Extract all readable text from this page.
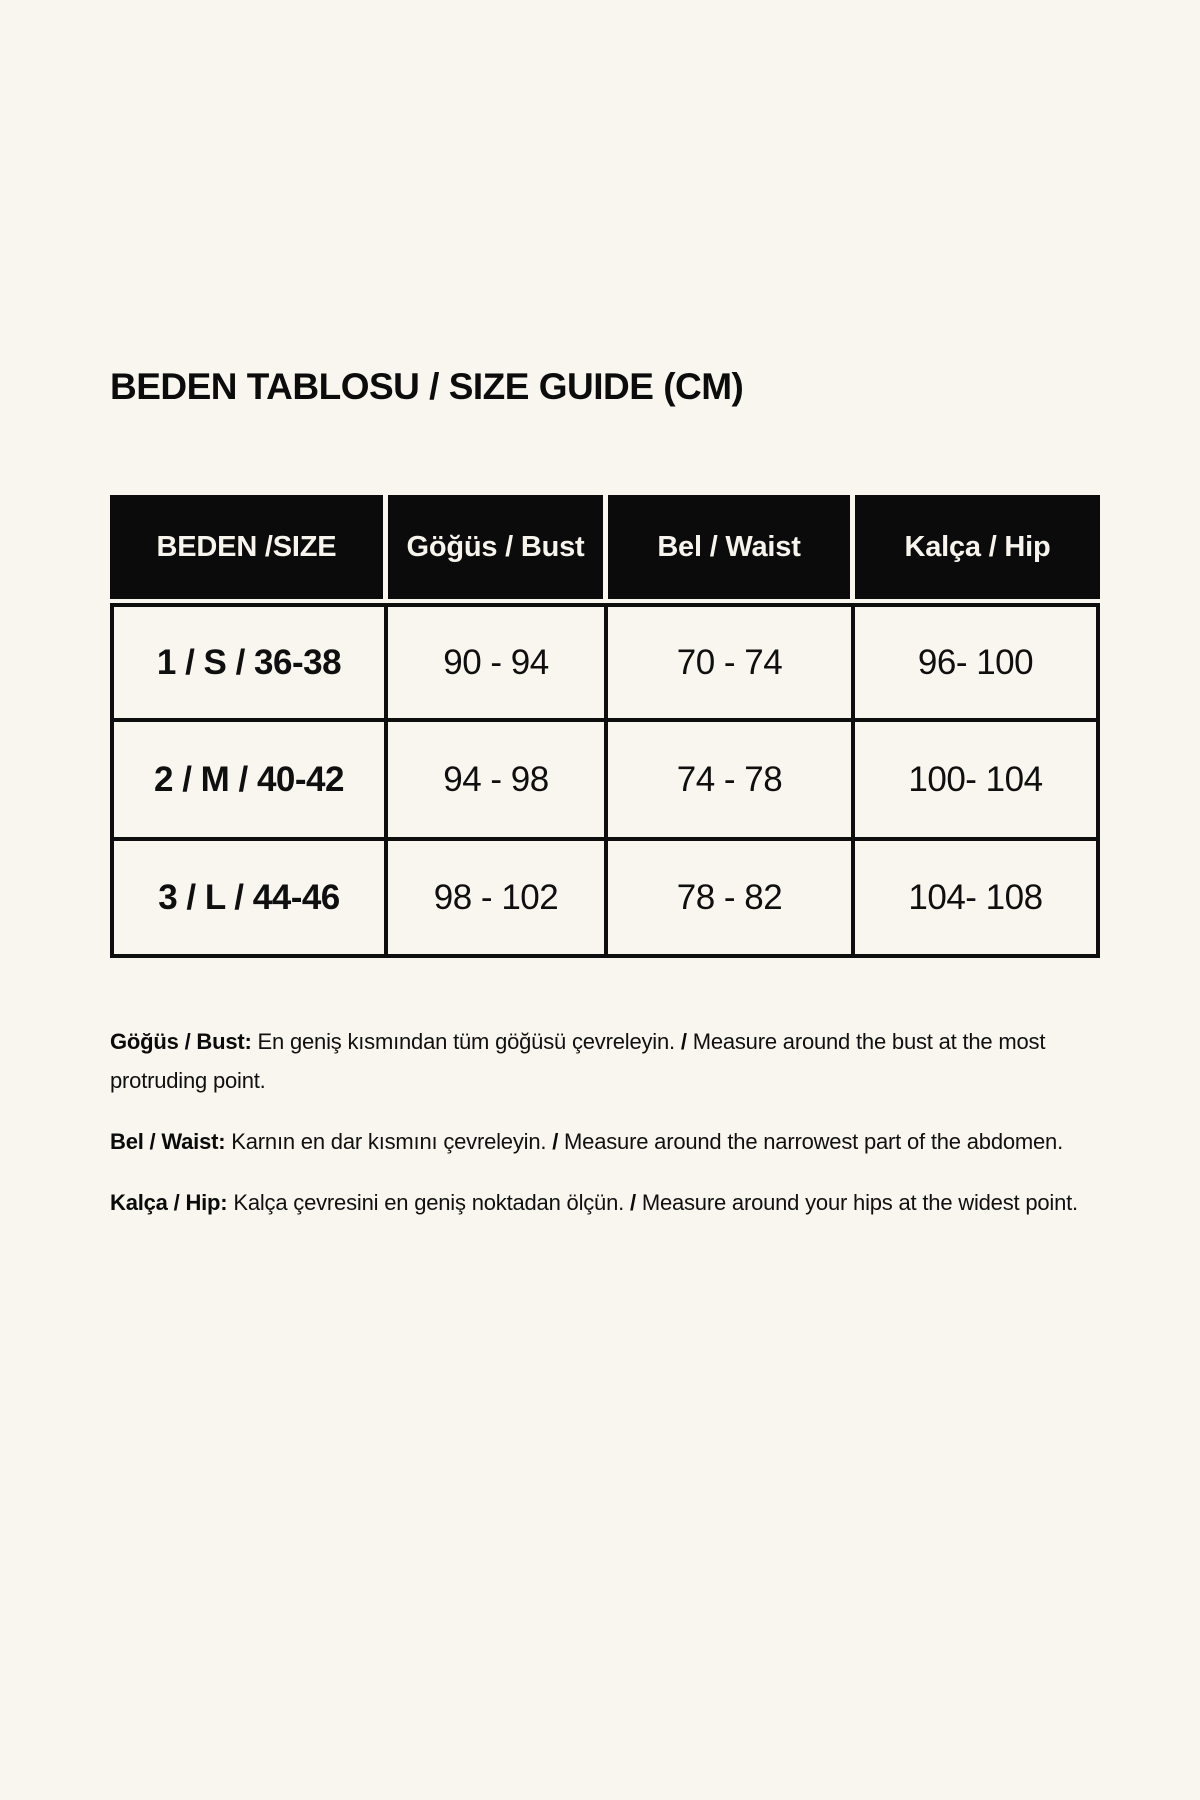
BEDEN TABLOSU / SIZE GUIDE (CM)
BEDEN /SIZE	Göğüs / Bust	Bel / Waist	Kalça / Hip
1 / S / 36-38	90 - 94	70 - 74	96- 100
2 / M / 40-42	94 - 98	74 - 78	100- 104
3 / L / 44-46	98 - 102	78 - 82	104- 108

Göğüs / Bust: En geniş kısmından tüm göğüsü çevreleyin. / Measure around the bust at the most protruding point.

Bel / Waist: Karnın en dar kısmını çevreleyin. / Measure around the narrowest part of the abdomen.

Kalça / Hip: Kalça çevresini en geniş noktadan ölçün. / Measure around your hips at the widest point.
